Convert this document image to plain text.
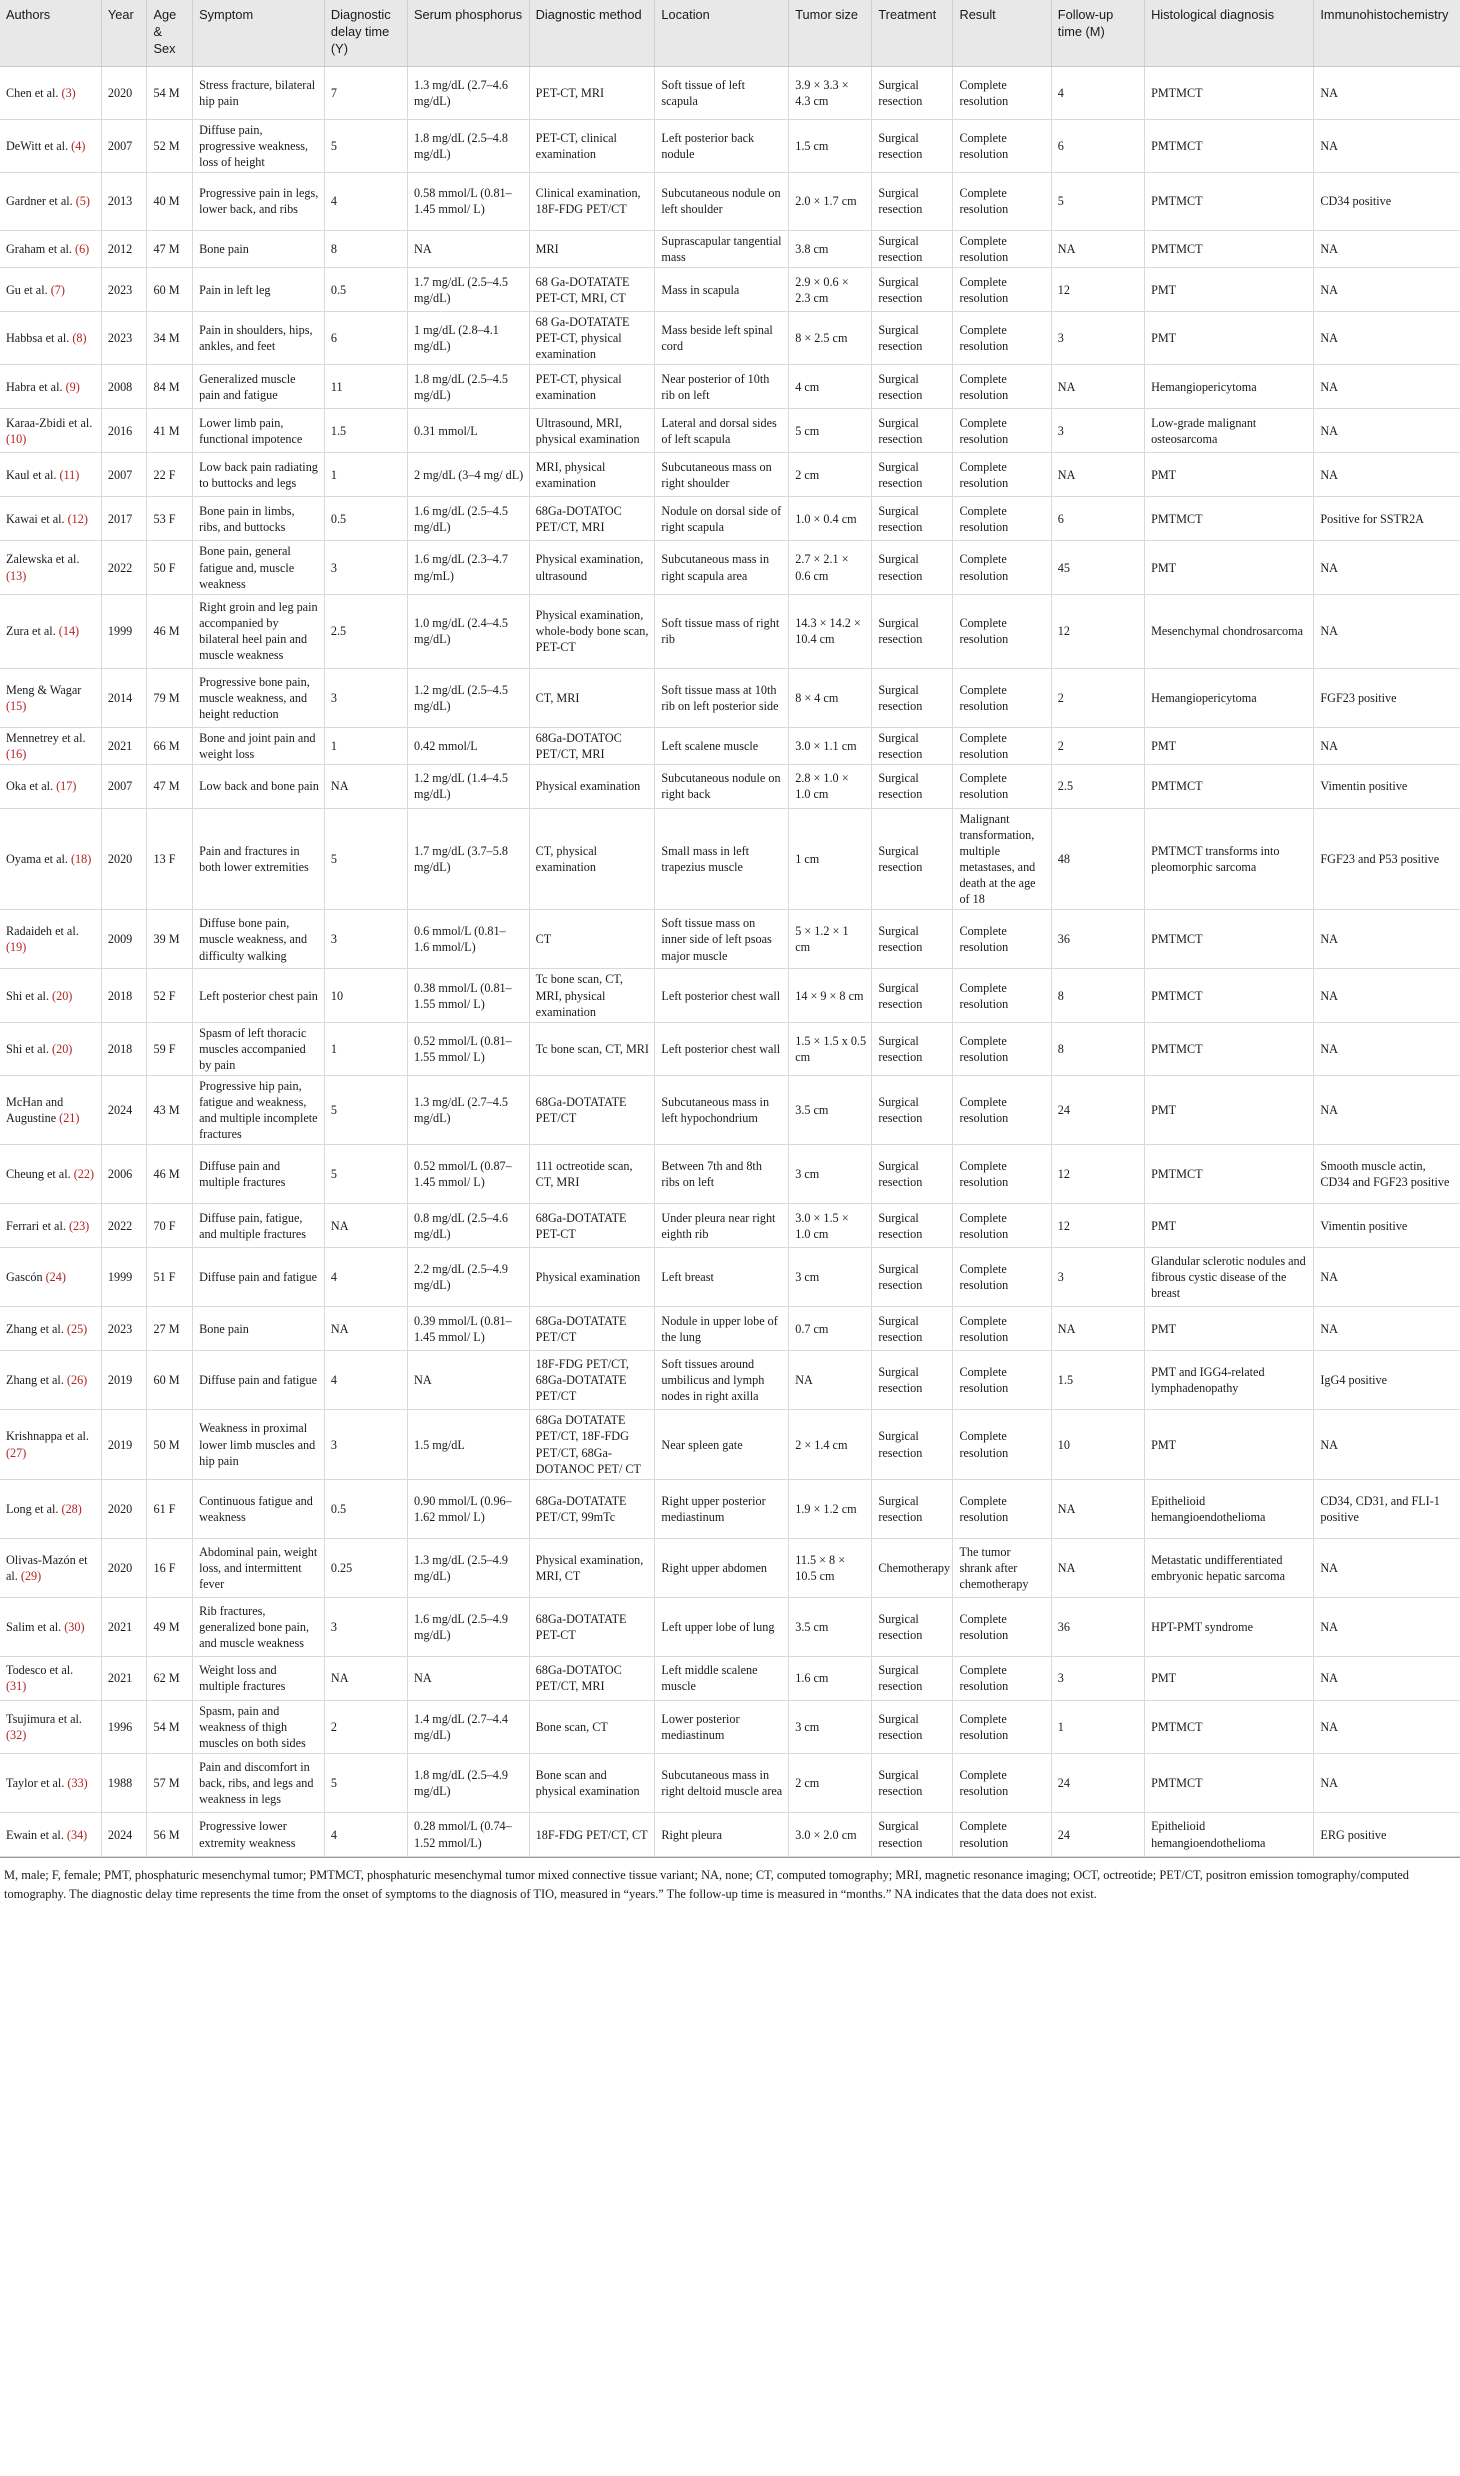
Authors	Year	Age & Sex	Symptom	Diagnostic delay time (Y)	Serum phosphorus	Diagnostic method	Location	Tumor size	Treatment	Result	Follow-up time (M)	Histological diagnosis	Immunohistochemistry
Chen et al. (3)	2020	54 M	Stress fracture, bilateral hip pain	7	1.3 mg/dL (2.7–4.6 mg/dL)	PET-CT, MRI	Soft tissue of left scapula	3.9 × 3.3 × 4.3 cm	Surgical resection	Complete resolution	4	PMTMCT	NA
DeWitt et al. (4)	2007	52 M	Diffuse pain, progressive weakness, loss of height	5	1.8 mg/dL (2.5–4.8 mg/dL)	PET-CT, clinical examination	Left posterior back nodule	1.5 cm	Surgical resection	Complete resolution	6	PMTMCT	NA
Gardner et al. (5)	2013	40 M	Progressive pain in legs, lower back, and ribs	4	0.58 mmol/L (0.81–1.45 mmol/ L)	Clinical examination, 18F-FDG PET/CT	Subcutaneous nodule on left shoulder	2.0 × 1.7 cm	Surgical resection	Complete resolution	5	PMTMCT	CD34 positive
Graham et al. (6)	2012	47 M	Bone pain	8	NA	MRI	Suprascapular tangential mass	3.8 cm	Surgical resection	Complete resolution	NA	PMTMCT	NA
Gu et al. (7)	2023	60 M	Pain in left leg	0.5	1.7 mg/dL (2.5–4.5 mg/dL)	68 Ga-DOTATATE PET-CT, MRI, CT	Mass in scapula	2.9 × 0.6 × 2.3 cm	Surgical resection	Complete resolution	12	PMT	NA
Habbsa et al. (8)	2023	34 M	Pain in shoulders, hips, ankles, and feet	6	1 mg/dL (2.8–4.1 mg/dL)	68 Ga-DOTATATE PET-CT, physical examination	Mass beside left spinal cord	8 × 2.5 cm	Surgical resection	Complete resolution	3	PMT	NA
Habra et al. (9)	2008	84 M	Generalized muscle pain and fatigue	11	1.8 mg/dL (2.5–4.5 mg/dL)	PET-CT, physical examination	Near posterior of 10th rib on left	4 cm	Surgical resection	Complete resolution	NA	Hemangiopericytoma	NA
Karaa-Zbidi et al. (10)	2016	41 M	Lower limb pain, functional impotence	1.5	0.31 mmol/L	Ultrasound, MRI, physical examination	Lateral and dorsal sides of left scapula	5 cm	Surgical resection	Complete resolution	3	Low-grade malignant osteosarcoma	NA
Kaul et al. (11)	2007	22 F	Low back pain radiating to buttocks and legs	1	2 mg/dL (3–4 mg/ dL)	MRI, physical examination	Subcutaneous mass on right shoulder	2 cm	Surgical resection	Complete resolution	NA	PMT	NA
Kawai et al. (12)	2017	53 F	Bone pain in limbs, ribs, and buttocks	0.5	1.6 mg/dL (2.5–4.5 mg/dL)	68Ga-DOTATOC PET/CT, MRI	Nodule on dorsal side of right scapula	1.0 × 0.4 cm	Surgical resection	Complete resolution	6	PMTMCT	Positive for SSTR2A
Zalewska et al. (13)	2022	50 F	Bone pain, general fatigue and, muscle weakness	3	1.6 mg/dL (2.3–4.7 mg/mL)	Physical examination, ultrasound	Subcutaneous mass in right scapula area	2.7 × 2.1 × 0.6 cm	Surgical resection	Complete resolution	45	PMT	NA
Zura et al. (14)	1999	46 M	Right groin and leg pain accompanied by bilateral heel pain and muscle weakness	2.5	1.0 mg/dL (2.4–4.5 mg/dL)	Physical examination, whole-body bone scan, PET-CT	Soft tissue mass of right rib	14.3 × 14.2 × 10.4 cm	Surgical resection	Complete resolution	12	Mesenchymal chondrosarcoma	NA
Meng & Wagar (15)	2014	79 M	Progressive bone pain, muscle weakness, and height reduction	3	1.2 mg/dL (2.5–4.5 mg/dL)	CT, MRI	Soft tissue mass at 10th rib on left posterior side	8 × 4 cm	Surgical resection	Complete resolution	2	Hemangiopericytoma	FGF23 positive
Mennetrey et al. (16)	2021	66 M	Bone and joint pain and weight loss	1	0.42 mmol/L	68Ga-DOTATOC PET/CT, MRI	Left scalene muscle	3.0 × 1.1 cm	Surgical resection	Complete resolution	2	PMT	NA
Oka et al. (17)	2007	47 M	Low back and bone pain	NA	1.2 mg/dL (1.4–4.5 mg/dL)	Physical examination	Subcutaneous nodule on right back	2.8 × 1.0 × 1.0 cm	Surgical resection	Complete resolution	2.5	PMTMCT	Vimentin positive
Oyama et al. (18)	2020	13 F	Pain and fractures in both lower extremities	5	1.7 mg/dL (3.7–5.8 mg/dL)	CT, physical examination	Small mass in left trapezius muscle	1 cm	Surgical resection	Malignant transformation, multiple metastases, and death at the age of 18	48	PMTMCT transforms into pleomorphic sarcoma	FGF23 and P53 positive
Radaideh et al. (19)	2009	39 M	Diffuse bone pain, muscle weakness, and difficulty walking	3	0.6 mmol/L (0.81– 1.6 mmol/L)	CT	Soft tissue mass on inner side of left psoas major muscle	5 × 1.2 × 1 cm	Surgical resection	Complete resolution	36	PMTMCT	NA
Shi et al. (20)	2018	52 F	Left posterior chest pain	10	0.38 mmol/L (0.81–1.55 mmol/ L)	Tc bone scan, CT, MRI, physical examination	Left posterior chest wall	14 × 9 × 8 cm	Surgical resection	Complete resolution	8	PMTMCT	NA
Shi et al. (20)	2018	59 F	Spasm of left thoracic muscles accompanied by pain	1	0.52 mmol/L (0.81–1.55 mmol/ L)	Tc bone scan, CT, MRI	Left posterior chest wall	1.5 × 1.5 x 0.5 cm	Surgical resection	Complete resolution	8	PMTMCT	NA
McHan and Augustine (21)	2024	43 M	Progressive hip pain, fatigue and weakness, and multiple incomplete fractures	5	1.3 mg/dL (2.7–4.5 mg/dL)	68Ga-DOTATATE PET/CT	Subcutaneous mass in left hypochondrium	3.5 cm	Surgical resection	Complete resolution	24	PMT	NA
Cheung et al. (22)	2006	46 M	Diffuse pain and multiple fractures	5	0.52 mmol/L (0.87–1.45 mmol/ L)	111 octreotide scan, CT, MRI	Between 7th and 8th ribs on left	3 cm	Surgical resection	Complete resolution	12	PMTMCT	Smooth muscle actin, CD34 and FGF23 positive
Ferrari et al. (23)	2022	70 F	Diffuse pain, fatigue, and multiple fractures	NA	0.8 mg/dL (2.5–4.6 mg/dL)	68Ga-DOTATATE PET-CT	Under pleura near right eighth rib	3.0 × 1.5 × 1.0 cm	Surgical resection	Complete resolution	12	PMT	Vimentin positive
Gascón (24)	1999	51 F	Diffuse pain and fatigue	4	2.2 mg/dL (2.5–4.9 mg/dL)	Physical examination	Left breast	3 cm	Surgical resection	Complete resolution	3	Glandular sclerotic nodules and fibrous cystic disease of the breast	NA
Zhang et al. (25)	2023	27 M	Bone pain	NA	0.39 mmol/L (0.81–1.45 mmol/ L)	68Ga-DOTATATE PET/CT	Nodule in upper lobe of the lung	0.7 cm	Surgical resection	Complete resolution	NA	PMT	NA
Zhang et al. (26)	2019	60 M	Diffuse pain and fatigue	4	NA	18F-FDG PET/CT, 68Ga-DOTATATE PET/CT	Soft tissues around umbilicus and lymph nodes in right axilla	NA	Surgical resection	Complete resolution	1.5	PMT and IGG4-related lymphadenopathy	IgG4 positive
Krishnappa et al. (27)	2019	50 M	Weakness in proximal lower limb muscles and hip pain	3	1.5 mg/dL	68Ga DOTATATE PET/CT, 18F-FDG PET/CT, 68Ga-DOTANOC PET/ CT	Near spleen gate	2 × 1.4 cm	Surgical resection	Complete resolution	10	PMT	NA
Long et al. (28)	2020	61 F	Continuous fatigue and weakness	0.5	0.90 mmol/L (0.96–1.62 mmol/ L)	68Ga-DOTATATE PET/CT, 99mTc	Right upper posterior mediastinum	1.9 × 1.2 cm	Surgical resection	Complete resolution	NA	Epithelioid hemangioendothelioma	CD34, CD31, and FLI-1 positive
Olivas-Mazón et al. (29)	2020	16 F	Abdominal pain, weight loss, and intermittent fever	0.25	1.3 mg/dL (2.5–4.9 mg/dL)	Physical examination, MRI, CT	Right upper abdomen	11.5 × 8 × 10.5 cm	Chemotherapy	The tumor shrank after chemotherapy	NA	Metastatic undifferentiated embryonic hepatic sarcoma	NA
Salim et al. (30)	2021	49 M	Rib fractures, generalized bone pain, and muscle weakness	3	1.6 mg/dL (2.5–4.9 mg/dL)	68Ga-DOTATATE PET-CT	Left upper lobe of lung	3.5 cm	Surgical resection	Complete resolution	36	HPT-PMT syndrome	NA
Todesco et al. (31)	2021	62 M	Weight loss and multiple fractures	NA	NA	68Ga-DOTATOC PET/CT, MRI	Left middle scalene muscle	1.6 cm	Surgical resection	Complete resolution	3	PMT	NA
Tsujimura et al. (32)	1996	54 M	Spasm, pain and weakness of thigh muscles on both sides	2	1.4 mg/dL (2.7–4.4 mg/dL)	Bone scan, CT	Lower posterior mediastinum	3 cm	Surgical resection	Complete resolution	1	PMTMCT	NA
Taylor et al. (33)	1988	57 M	Pain and discomfort in back, ribs, and legs and weakness in legs	5	1.8 mg/dL (2.5–4.9 mg/dL)	Bone scan and physical examination	Subcutaneous mass in right deltoid muscle area	2 cm	Surgical resection	Complete resolution	24	PMTMCT	NA
Ewain et al. (34)	2024	56 M	Progressive lower extremity weakness	4	0.28 mmol/L (0.74–1.52 mmol/L)	18F-FDG PET/CT, CT	Right pleura	3.0 × 2.0 cm	Surgical resection	Complete resolution	24	Epithelioid hemangioendothelioma	ERG positive
M, male; F, female; PMT, phosphaturic mesenchymal tumor; PMTMCT, phosphaturic mesenchymal tumor mixed connective tissue variant; NA, none; CT, computed tomography; MRI, magnetic resonance imaging; OCT, octreotide; PET/CT, positron emission tomography/computed tomography. The diagnostic delay time represents the time from the onset of symptoms to the diagnosis of TIO, measured in “years.” The follow-up time is measured in “months.” NA indicates that the data does not exist.
